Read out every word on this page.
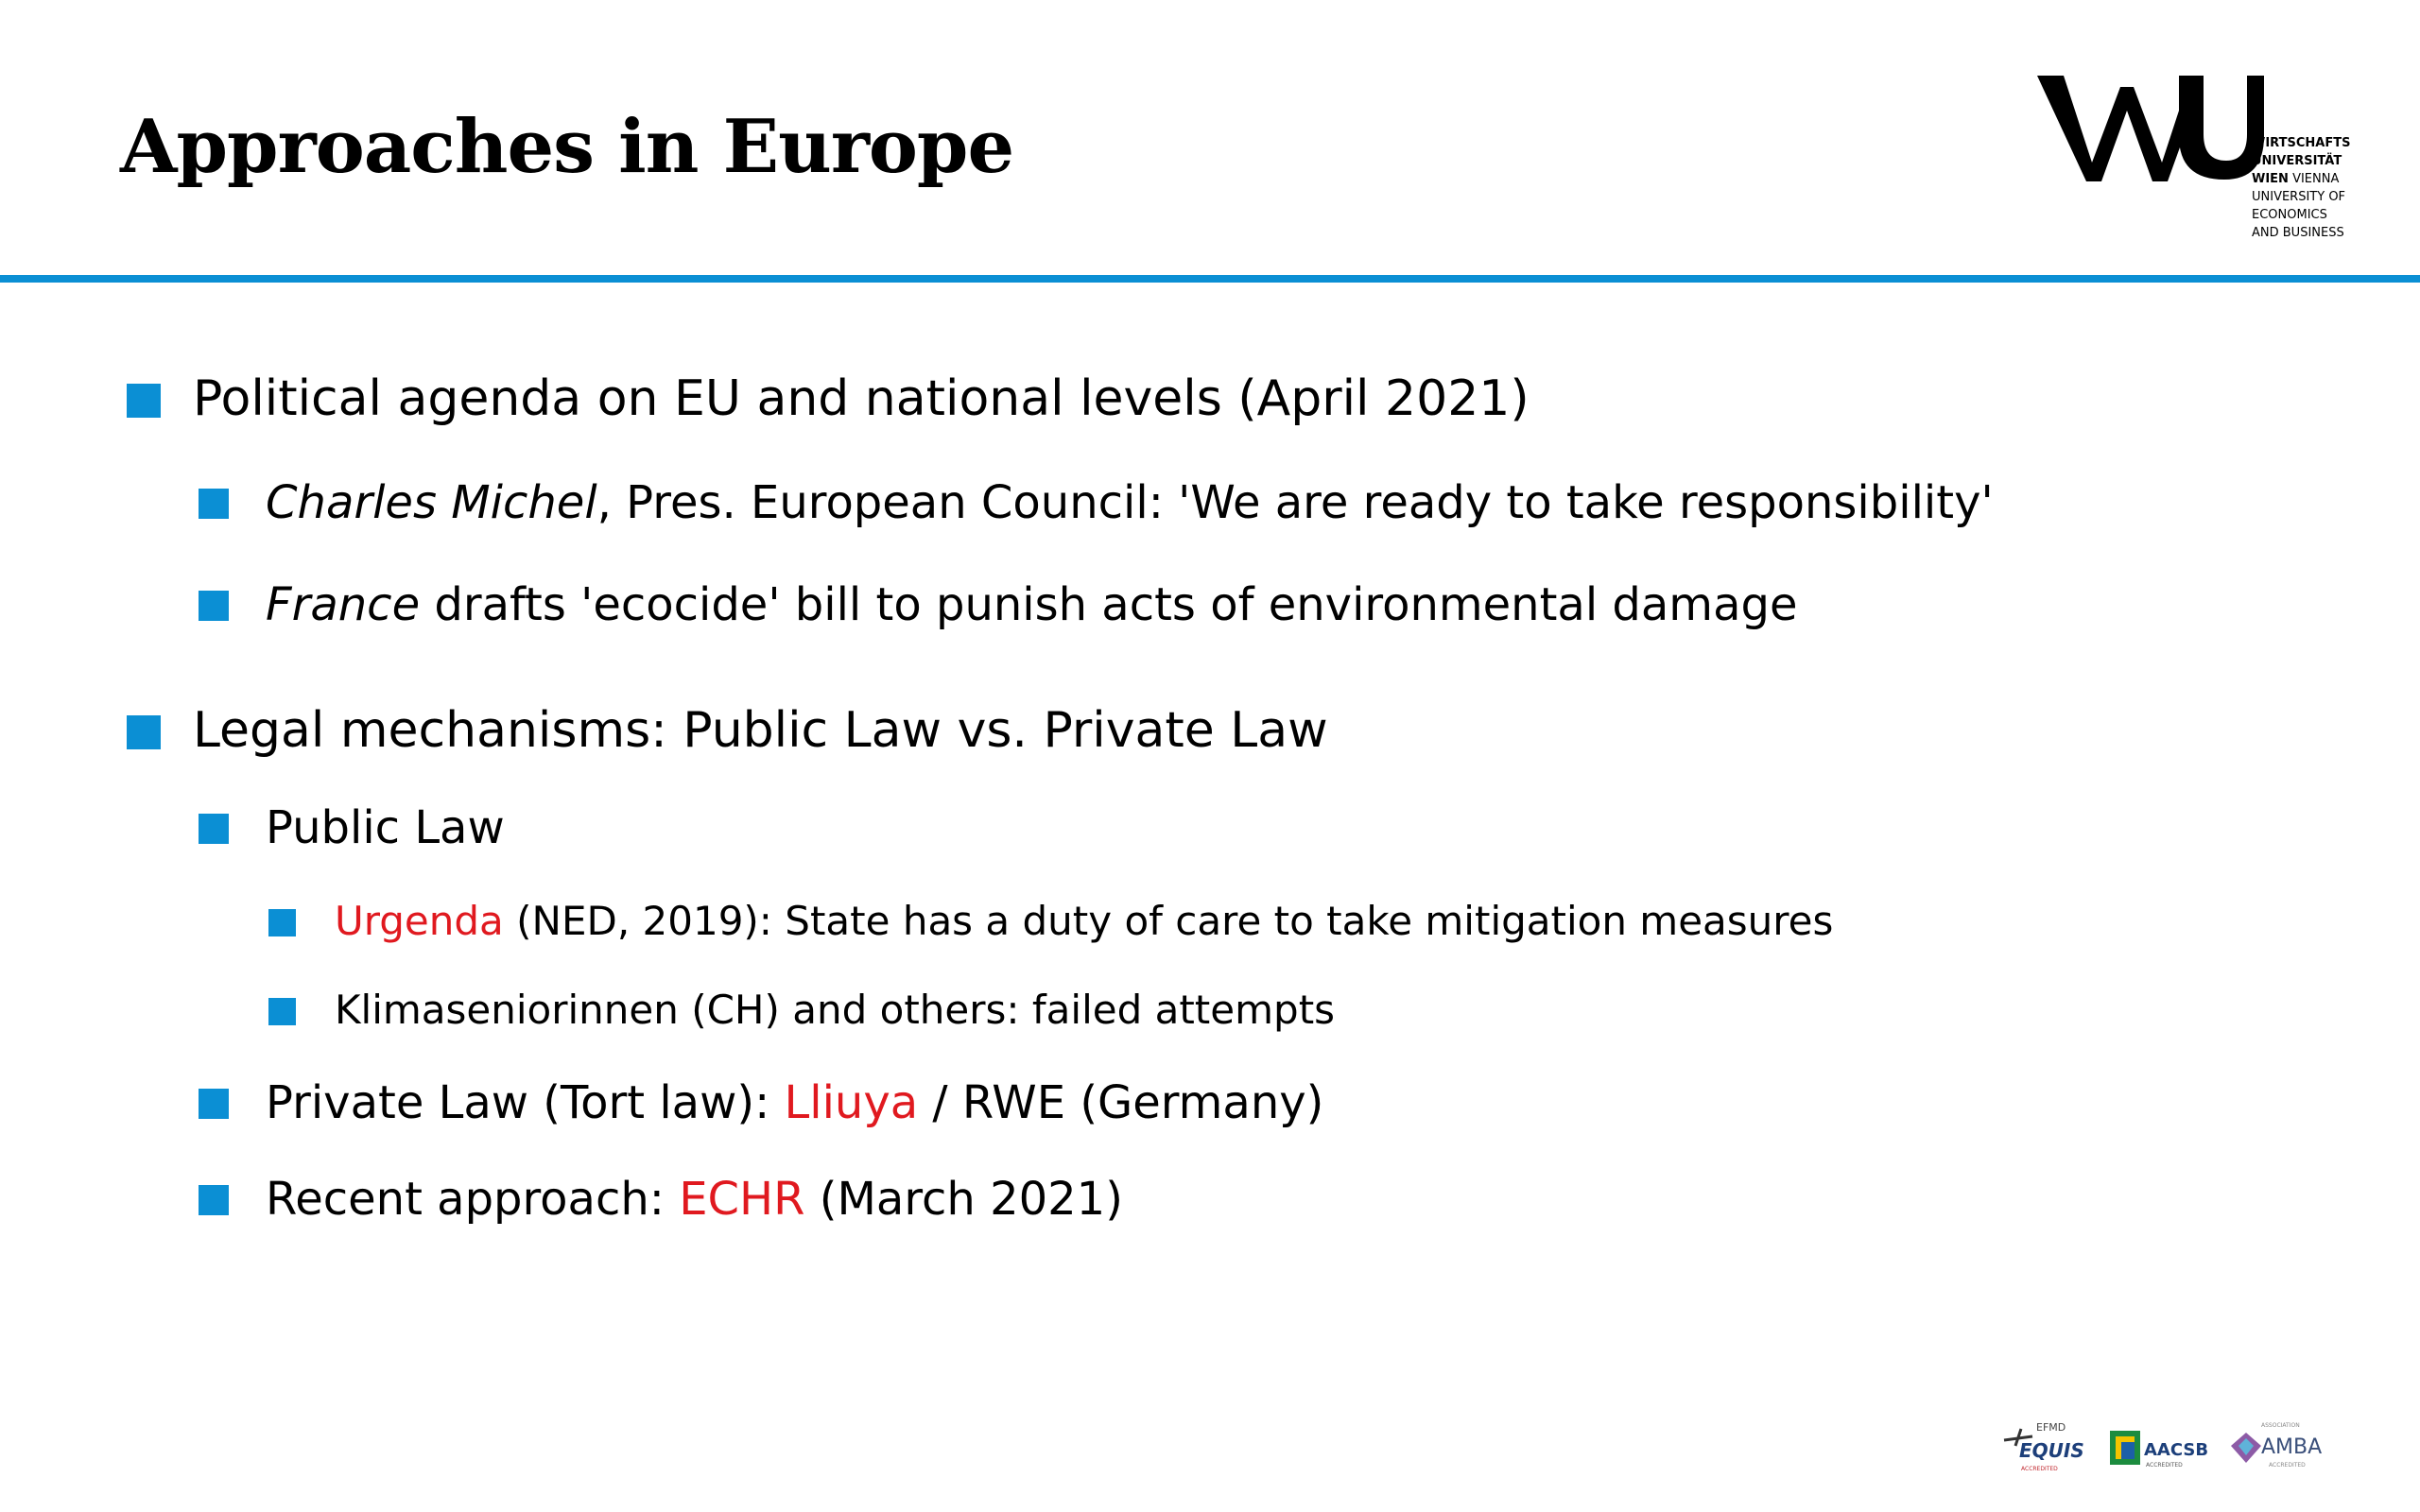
Approaches in Europe	WIRTSCHAFTS
UNIVERSITÄT
WIEN VIENNA
UNIVERSITY OF
ECONOMICS
AND BUSINESS
Political agenda on EU and national levels (April 2021)
Charles Michel, Pres. European Council: 'We are ready to take responsibility'
France drafts 'ecocide' bill to punish acts of environmental damage
Legal mechanisms: Public Law vs. Private Law
Public Law
Urgenda (NED, 2019): State has a duty of care to take mitigation measures
Klimaseniorinnen (CH) and others: failed attempts
Private Law (Tort law): Lliuya / RWE (Germany)
Recent approach: ECHR (March 2021)
EFMD
EQUIS
ACCREDITED
AACSB
ACCREDITED
ASSOCIATION
AMBA
ACCREDITED
